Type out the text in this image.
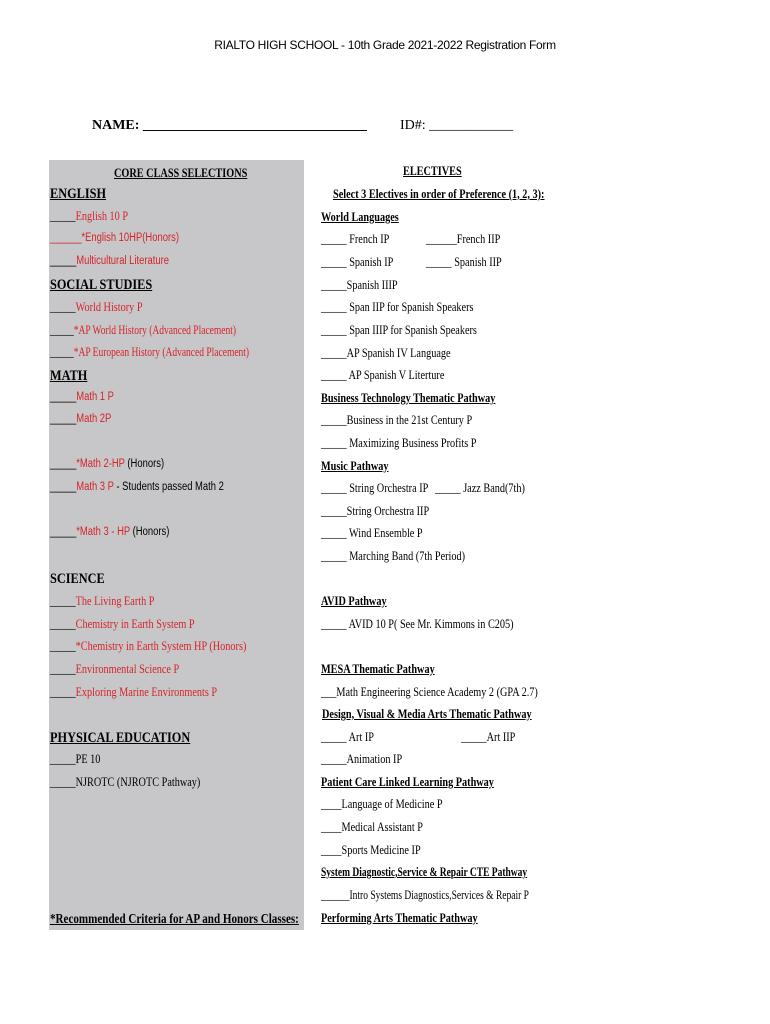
RIALTO HIGH SCHOOL - 10th Grade 2021-2022 Registration Form
NAME: ________________________________ ID#: ____________
CORE CLASS SELECTIONS
ENGLISH
_____English 10 P
______*English 10HP(Honors)
_____Multicultural Literature
SOCIAL STUDIES
_____World History P
_____*AP World History (Advanced Placement)
_____*AP European History (Advanced Placement)
MATH
_____Math 1 P
_____Math 2P
_____*Math 2-HP (Honors)
_____Math 3 P - Students passed Math 2
_____*Math 3 - HP (Honors)
SCIENCE
_____The Living Earth P
_____Chemistry in Earth System P
_____*Chemistry in Earth System HP (Honors)
_____Environmental Science P
_____Exploring Marine Environments P
PHYSICAL EDUCATION
_____PE 10
_____NJROTC (NJROTC Pathway)
*Recommended Criteria for AP and Honors Classes:
ELECTIVES
Select 3 Electives in order of Preference (1, 2, 3):
World Languages
_____ French IP	______French IIP
_____ Spanish IP	_____ Spanish IIP
_____Spanish IIIP
_____ Span IIP for Spanish Speakers
_____ Span IIIP for Spanish Speakers
_____AP Spanish IV Language
_____ AP Spanish V Literture
Business Technology Thematic Pathway
_____Business in the 21st Century P
_____ Maximizing Business Profits P
Music Pathway
_____ String Orchestra IP _____ Jazz Band(7th)
_____String Orchestra IIP
_____ Wind Ensemble P
_____ Marching Band (7th Period)
AVID Pathway
_____ AVID 10 P( See Mr. Kimmons in C205)
MESA Thematic Pathway
___Math Engineering Science Academy 2 (GPA 2.7)
Design, Visual & Media Arts Thematic Pathway
_____ Art IP	_____Art IIP
_____Animation IP
Patient Care Linked Learning Pathway
____Language of Medicine P
____Medical Assistant P
____Sports Medicine IP
System Diagnostic,Service & Repair CTE Pathway
______Intro Systems Diagnostics,Services & Repair P
Performing Arts Thematic Pathway
